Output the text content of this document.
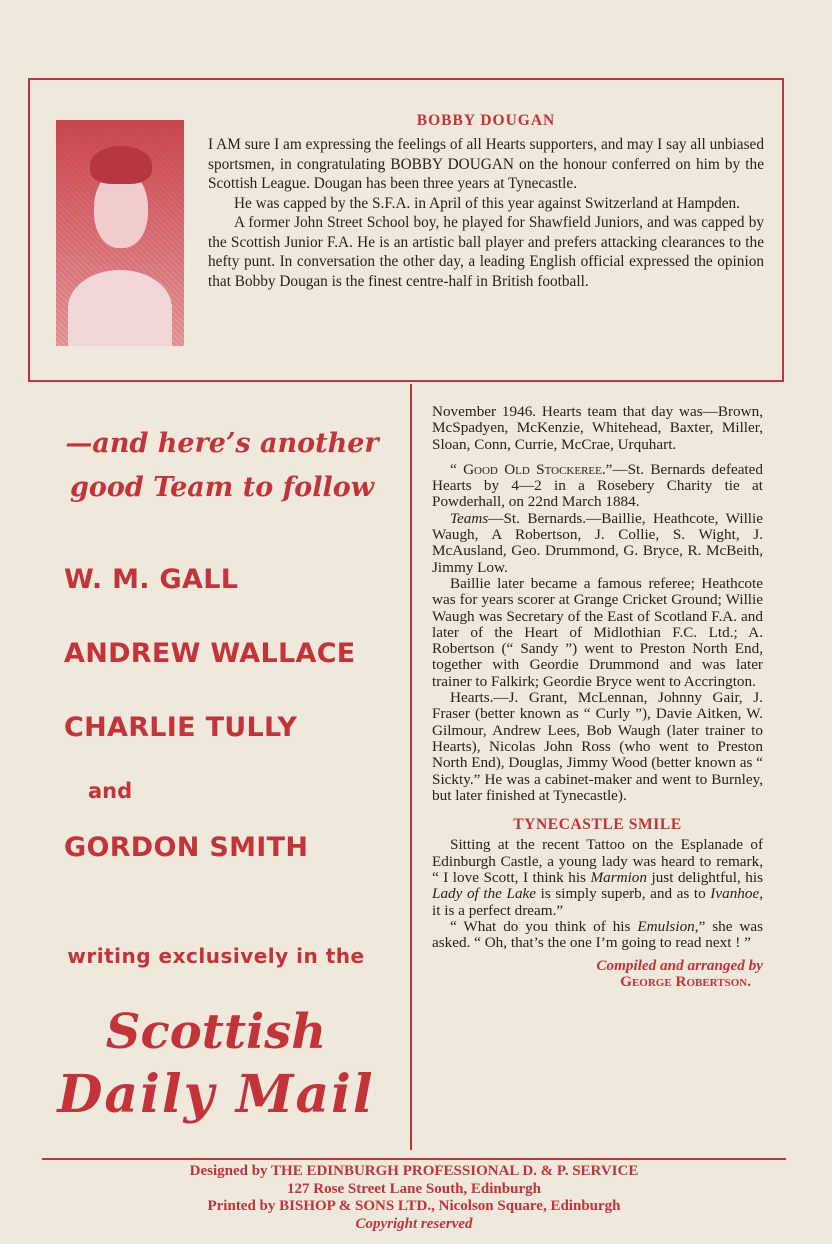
BOBBY DOUGAN

I AM sure I am expressing the feelings of all Hearts supporters, and may I say all unbiased sportsmen, in congratulating BOBBY DOUGAN on the honour conferred on him by the Scottish League. Dougan has been three years at Tynecastle.

He was capped by the S.F.A. in April of this year against Switzerland at Hampden.

A former John Street School boy, he played for Shawfield Juniors, and was capped by the Scottish Junior F.A. He is an artistic ball player and prefers attacking clearances to the hefty punt. In conversation the other day, a leading English official expressed the opinion that Bobby Dougan is the finest centre-half in British football.

—and here’s another
good Team to follow
W. M. GALL
ANDREW WALLACE
CHARLIE TULLY
and
GORDON SMITH
writing exclusively in the
Scottish
Daily Mail

November 1946. Hearts team that day was—Brown, McSpadyen, McKenzie, Whitehead, Baxter, Miller, Sloan, Conn, Currie, McCrae, Urquhart.

“ Good Old Stockeree.”—St. Bernards defeated Hearts by 4—2 in a Rosebery Charity tie at Powderhall, on 22nd March 1884.

Teams—St. Bernards.—Baillie, Heathcote, Willie Waugh, A Robertson, J. Collie, S. Wight, J. McAusland, Geo. Drummond, G. Bryce, R. McBeith, Jimmy Low.

Baillie later became a famous referee; Heathcote was for years scorer at Grange Cricket Ground; Willie Waugh was Secretary of the East of Scotland F.A. and later of the Heart of Midlothian F.C. Ltd.; A. Robertson (“ Sandy ”) went to Preston North End, together with Geordie Drummond and was later trainer to Falkirk; Geordie Bryce went to Accrington.

Hearts.—J. Grant, McLennan, Johnny Gair, J. Fraser (better known as “ Curly ”), Davie Aitken, W. Gilmour, Andrew Lees, Bob Waugh (later trainer to Hearts), Nicolas John Ross (who went to Preston North End), Douglas, Jimmy Wood (better known as “ Sickty.” He was a cabinet-maker and went to Burnley, but later finished at Tynecastle).

TYNECASTLE SMILE

Sitting at the recent Tattoo on the Esplanade of Edinburgh Castle, a young lady was heard to remark, “ I love Scott, I think his Marmion just delightful, his Lady of the Lake is simply superb, and as to Ivanhoe, it is a perfect dream.”

“ What do you think of his Emulsion,” she was asked. “ Oh, that’s the one I’m going to read next ! ”

Compiled and arranged by
George Robertson.
Designed by THE EDINBURGH PROFESSIONAL D. & P. SERVICE
127 Rose Street Lane South, Edinburgh
Printed by BISHOP & SONS LTD., Nicolson Square, Edinburgh
Copyright reserved
